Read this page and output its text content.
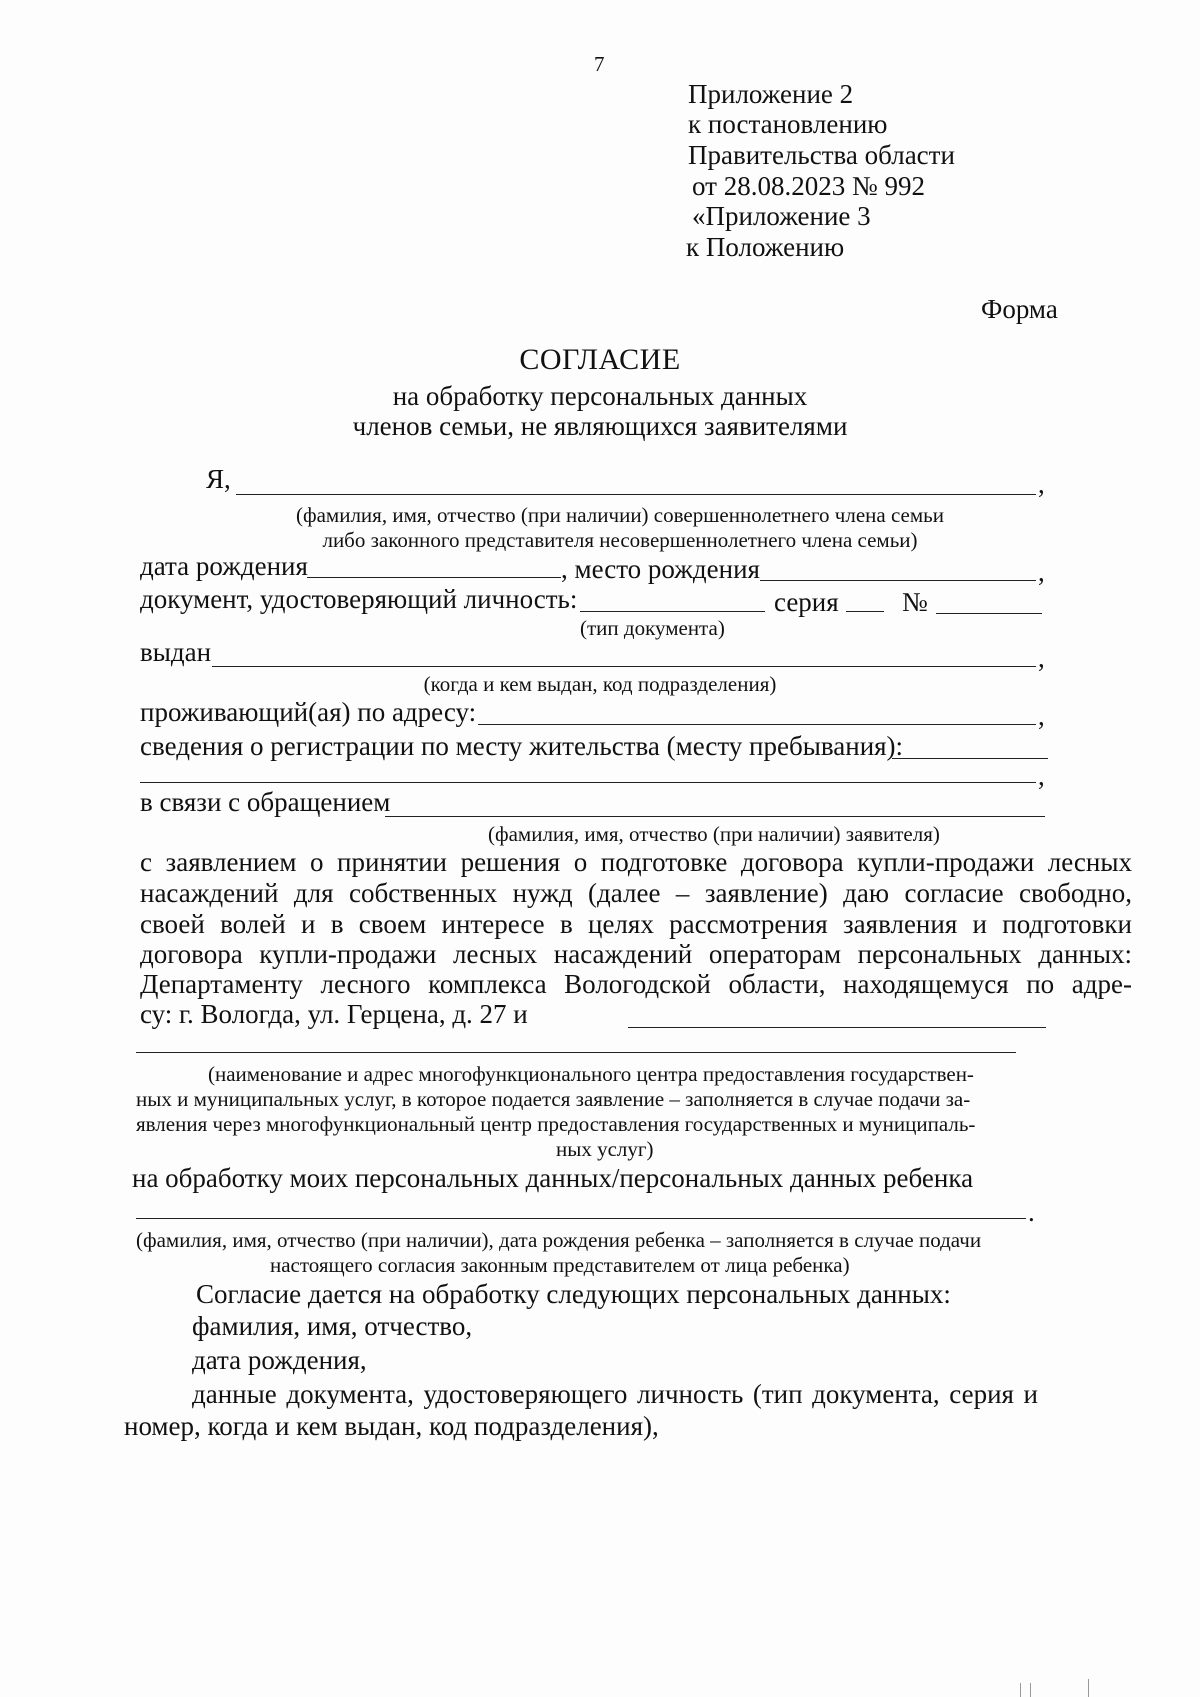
7
Приложение 2
к постановлению
Правительства области
от 28.08.2023 № 992
«Приложение 3
к Положению
Форма
СОГЛАСИЕ
на обработку персональных данных
членов семьи, не являющихся заявителями
Я,	,
(фамилия, имя, отчество (при наличии) совершеннолетнего члена семьи
либо законного представителя несовершеннолетнего члена семьи)
дата рождения	, место рождения	,
документ, удостоверяющий личность:	серия №
(тип документа)
выдан	,
(когда и кем выдан, код подразделения)
проживающий(ая) по адресу:	,
сведения о регистрации по месту жительства (месту пребывания):
,
в связи с обращением
(фамилия, имя, отчество (при наличии) заявителя)
с заявлением о принятии решения о подготовке договора купли-продажи лесных
насаждений для собственных нужд (далее – заявление) даю согласие свободно,
своей волей и в своем интересе в целях рассмотрения заявления и подготовки
договора купли-продажи лесных насаждений операторам персональных данных:
Департаменту лесного комплекса Вологодской области, находящемуся по адре-
су: г. Вологда, ул. Герцена, д. 27 и
(наименование и адрес многофункционального центра предоставления государствен-
ных и муниципальных услуг, в которое подается заявление – заполняется в случае подачи за-
явления через многофункциональный центр предоставления государственных и муниципаль-
ных услуг)
на обработку моих персональных данных/персональных данных ребенка
.
(фамилия, имя, отчество (при наличии), дата рождения ребенка – заполняется в случае подачи
настоящего согласия законным представителем от лица ребенка)
Согласие дается на обработку следующих персональных данных:
фамилия, имя, отчество,
дата рождения,
данные документа, удостоверяющего личность (тип документа, серия и
номер, когда и кем выдан, код подразделения),
